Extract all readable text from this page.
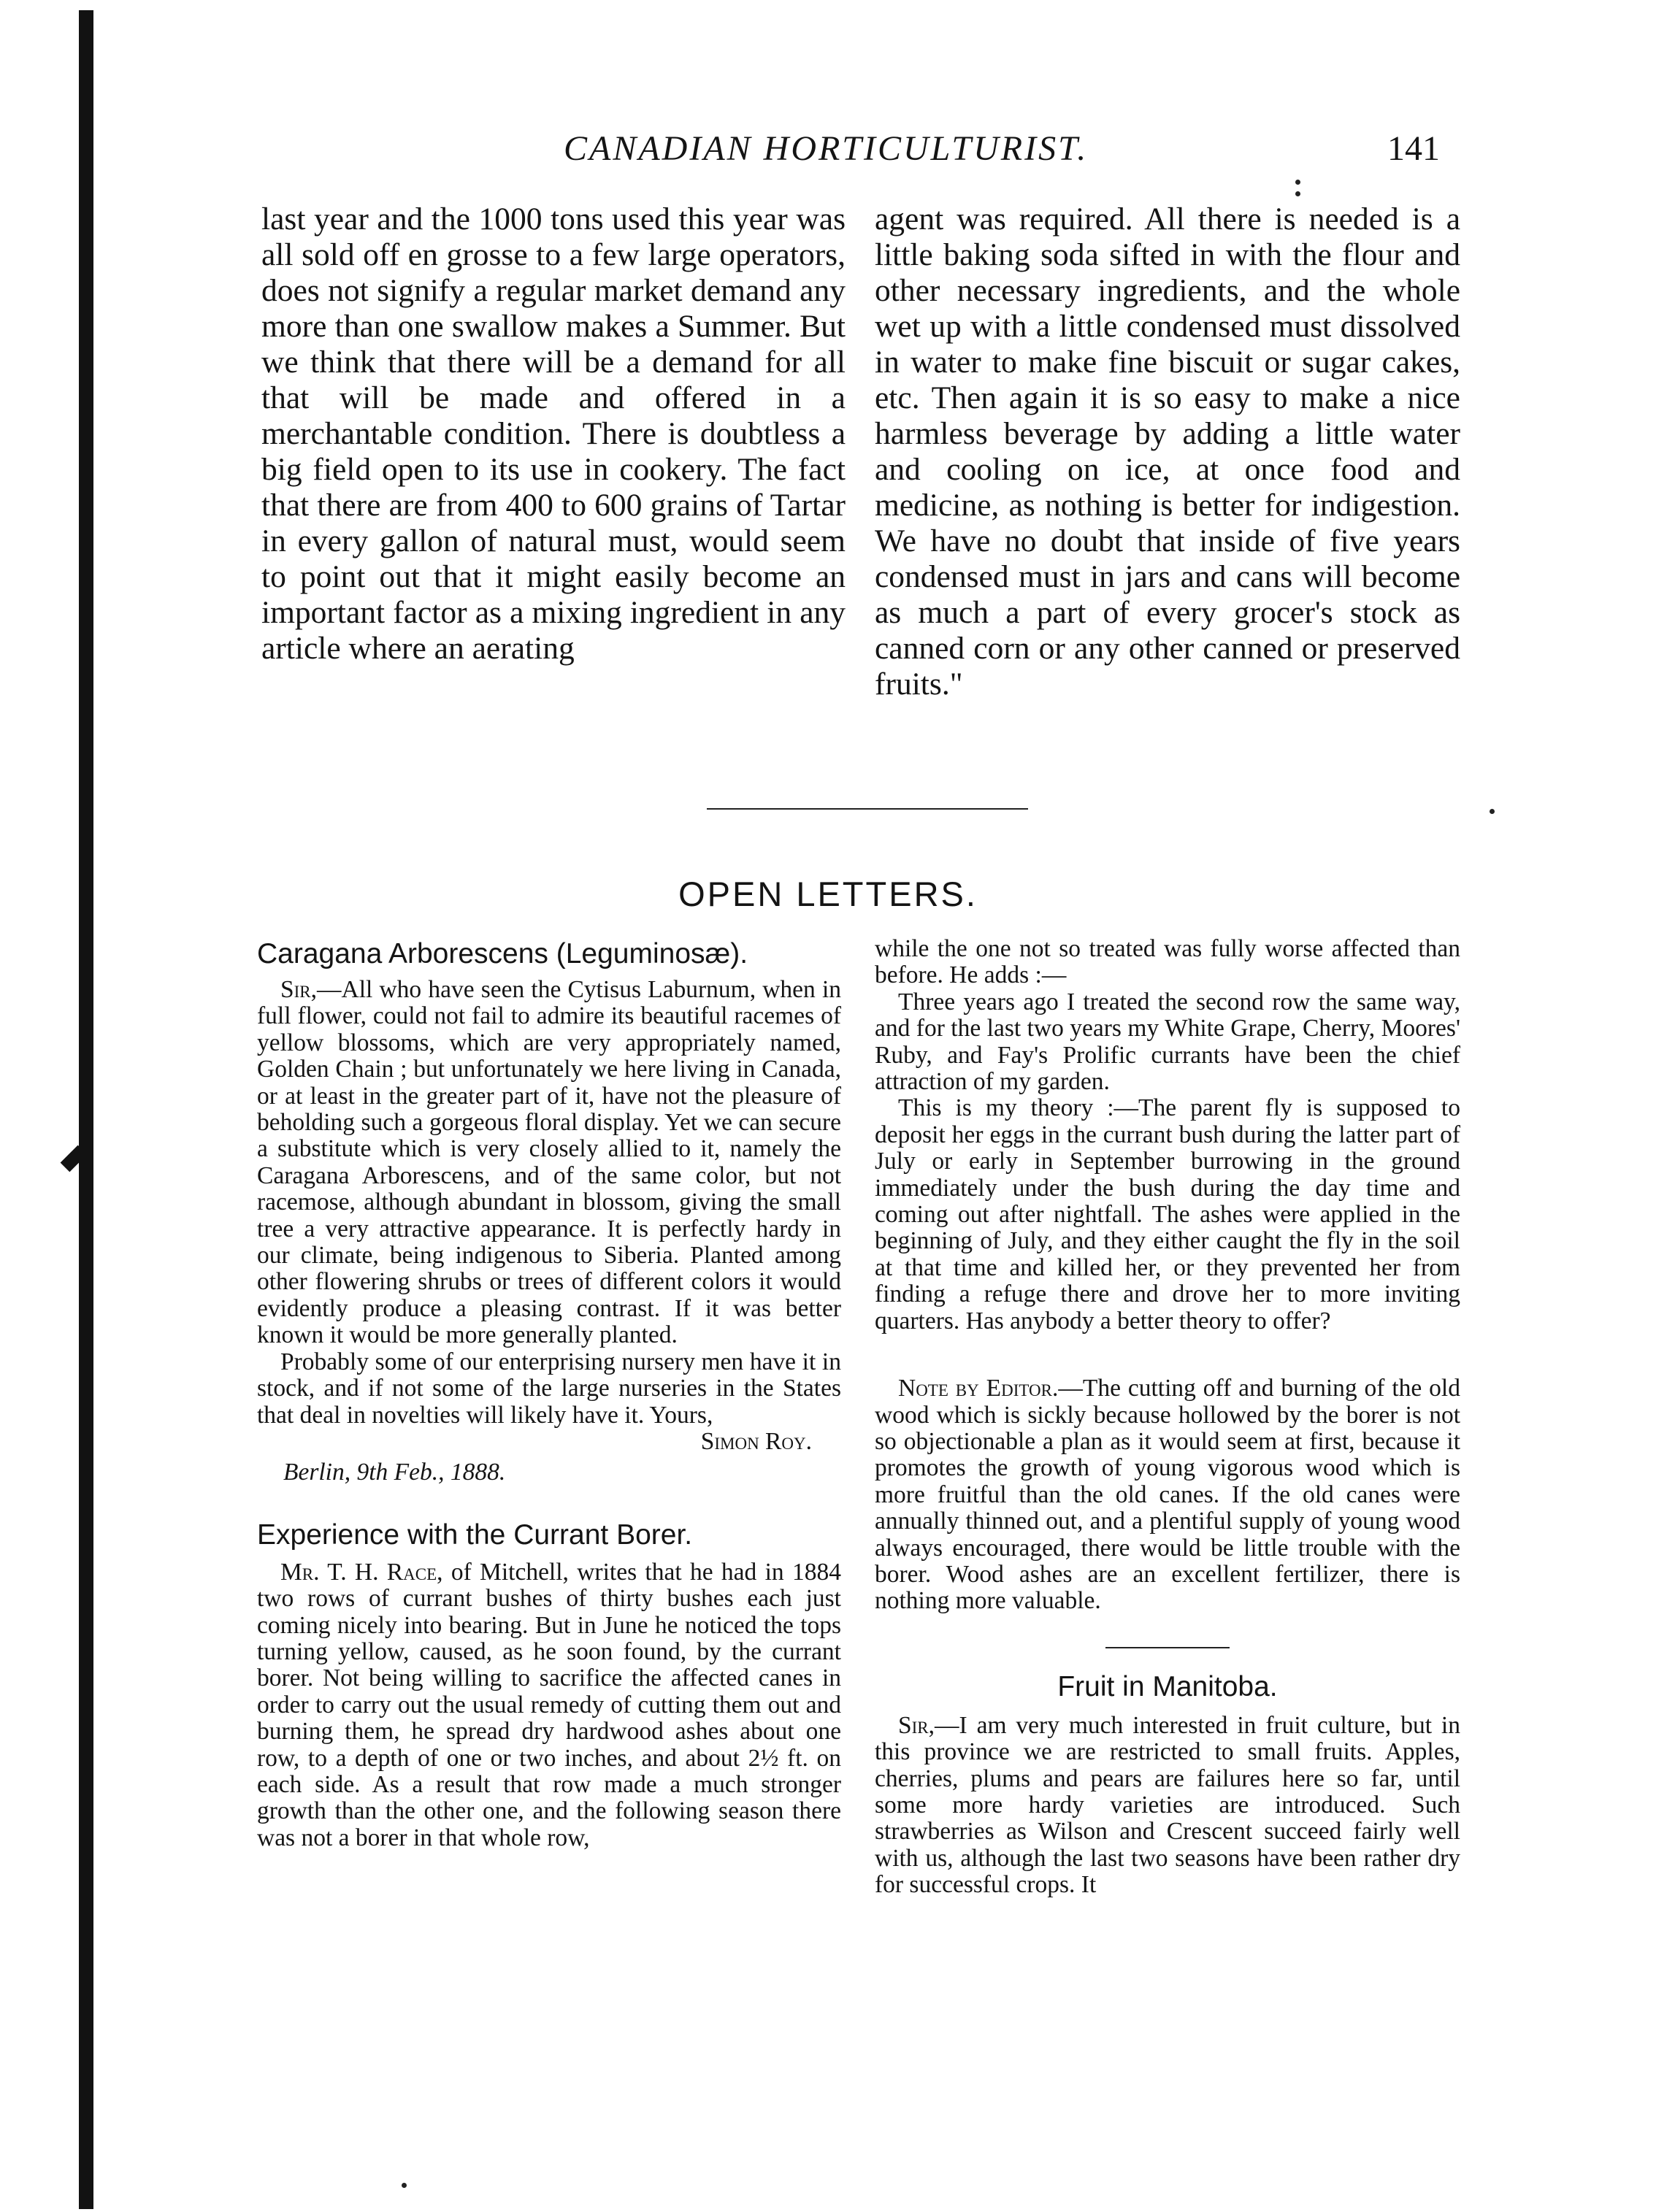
CANADIAN HORTICULTURIST.	141

last year and the 1000 tons used this year was all sold off en grosse to a few large operators, does not signify a regular market demand any more than one swallow makes a Summer. But we think that there will be a demand for all that will be made and offered in a merchantable condition. There is doubtless a big field open to its use in cookery. The fact that there are from 400 to 600 grains of Tartar in every gallon of natural must, would seem to point out that it might easily become an important factor as a mixing ingredient in any article where an aerating

agent was required. All there is needed is a little baking soda sifted in with the flour and other necessary ingredients, and the whole wet up with a little condensed must dissolved in water to make fine biscuit or sugar cakes, etc. Then again it is so easy to make a nice harmless beverage by adding a little water and cooling on ice, at once food and medicine, as nothing is better for indigestion. We have no doubt that inside of five years condensed must in jars and cans will become as much a part of every grocer's stock as canned corn or any other canned or preserved fruits."

OPEN LETTERS.

Caragana Arborescens (Leguminosæ).

Sir,—All who have seen the Cytisus Laburnum, when in full flower, could not fail to admire its beautiful racemes of yellow blossoms, which are very appropriately named, Golden Chain ; but unfortunately we here living in Canada, or at least in the greater part of it, have not the pleasure of beholding such a gorgeous floral display. Yet we can secure a substitute which is very closely allied to it, namely the Caragana Arborescens, and of the same color, but not racemose, although abundant in blossom, giving the small tree a very attractive appearance. It is perfectly hardy in our climate, being indigenous to Siberia. Planted among other flowering shrubs or trees of different colors it would evidently produce a pleasing contrast. If it was better known it would be more generally planted.

Probably some of our enterprising nursery men have it in stock, and if not some of the large nurseries in the States that deal in novelties will likely have it. Yours,

Simon Roy.

Berlin, 9th Feb., 1888.

Experience with the Currant Borer.

Mr. T. H. Race, of Mitchell, writes that he had in 1884 two rows of currant bushes of thirty bushes each just coming nicely into bearing. But in June he noticed the tops turning yellow, caused, as he soon found, by the currant borer. Not being willing to sacrifice the affected canes in order to carry out the usual remedy of cutting them out and burning them, he spread dry hardwood ashes about one row, to a depth of one or two inches, and about 2½ ft. on each side. As a result that row made a much stronger growth than the other one, and the following season there was not a borer in that whole row,

while the one not so treated was fully worse affected than before. He adds :—

Three years ago I treated the second row the same way, and for the last two years my White Grape, Cherry, Moores' Ruby, and Fay's Prolific currants have been the chief attraction of my garden.

This is my theory :—The parent fly is supposed to deposit her eggs in the currant bush during the latter part of July or early in September burrowing in the ground immediately under the bush during the day time and coming out after nightfall. The ashes were applied in the beginning of July, and they either caught the fly in the soil at that time and killed her, or they prevented her from finding a refuge there and drove her to more inviting quarters. Has anybody a better theory to offer?

Note by Editor.—The cutting off and burning of the old wood which is sickly because hollowed by the borer is not so objectionable a plan as it would seem at first, because it promotes the growth of young vigorous wood which is more fruitful than the old canes. If the old canes were annually thinned out, and a plentiful supply of young wood always encouraged, there would be little trouble with the borer. Wood ashes are an excellent fertilizer, there is nothing more valuable.

Fruit in Manitoba.

Sir,—I am very much interested in fruit culture, but in this province we are restricted to small fruits. Apples, cherries, plums and pears are failures here so far, until some more hardy varieties are introduced. Such strawberries as Wilson and Crescent succeed fairly well with us, although the last two seasons have been rather dry for successful crops. It
